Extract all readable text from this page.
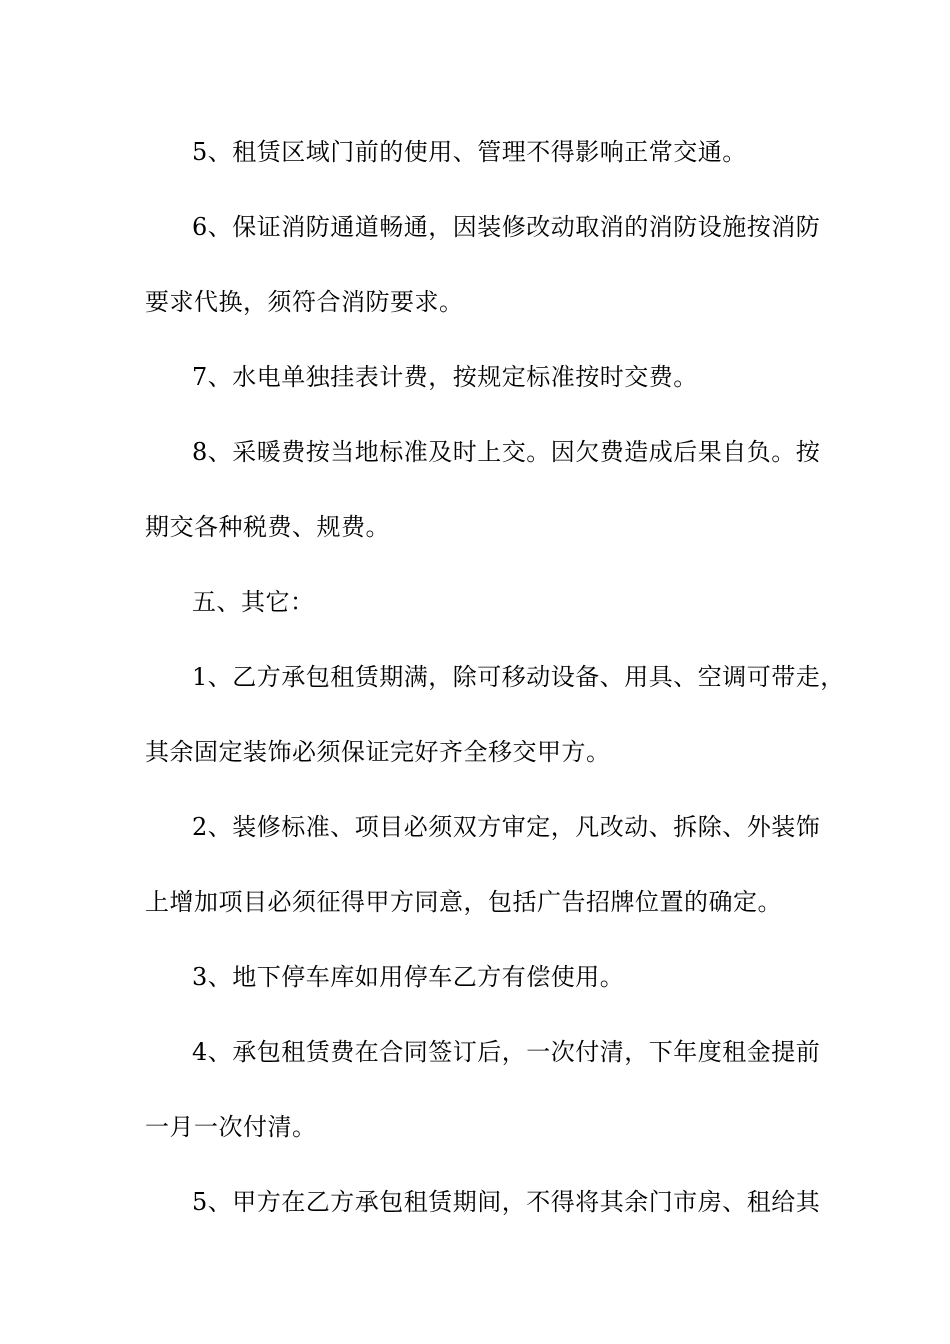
5、租赁区域门前的使用、管理不得影响正常交通。
6、保证消防通道畅通，因装修改动取消的消防设施按消防
要求代换，须符合消防要求。
7、水电单独挂表计费，按规定标准按时交费。
8、采暖费按当地标准及时上交。因欠费造成后果自负。按
期交各种税费、规费。
五、其它：
1、乙方承包租赁期满，除可移动设备、用具、空调可带走，
其余固定装饰必须保证完好齐全移交甲方。
2、装修标准、项目必须双方审定，凡改动、拆除、外装饰
上增加项目必须征得甲方同意，包括广告招牌位置的确定。
3、地下停车库如用停车乙方有偿使用。
4、承包租赁费在合同签订后，一次付清，下年度租金提前
一月一次付清。
5、甲方在乙方承包租赁期间，不得将其余门市房、租给其
